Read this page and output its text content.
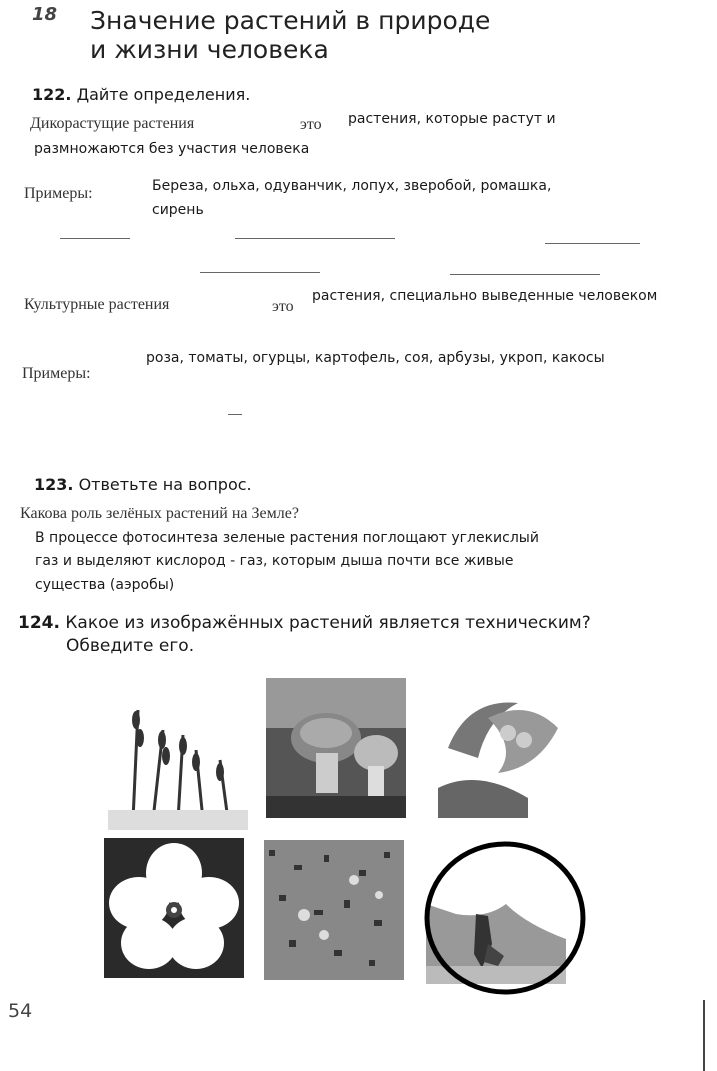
18 Значение растений в природе
и жизни человека
122. Дайте определения.
Дикорастущие растения	это растения, которые растут и
размножаются без участия человека
Примеры:	Береза, ольха, одуванчик, лопух, зверобой, ромашка,
сирень
Культурные растения	это
растения, специально выведенные человеком
Примеры:
роза, томаты, огурцы, картофель, соя, арбузы, укроп, какосы
123. Ответьте на вопрос.
Какова роль зелёных растений на Земле?
В процессе фотосинтеза зеленые растения поглощают углекислый
газ и выделяют кислород - газ, которым дыша почти все живые
существа (аэробы)
124. Какое из изображённых растений является техническим?
Обведите его.
54
